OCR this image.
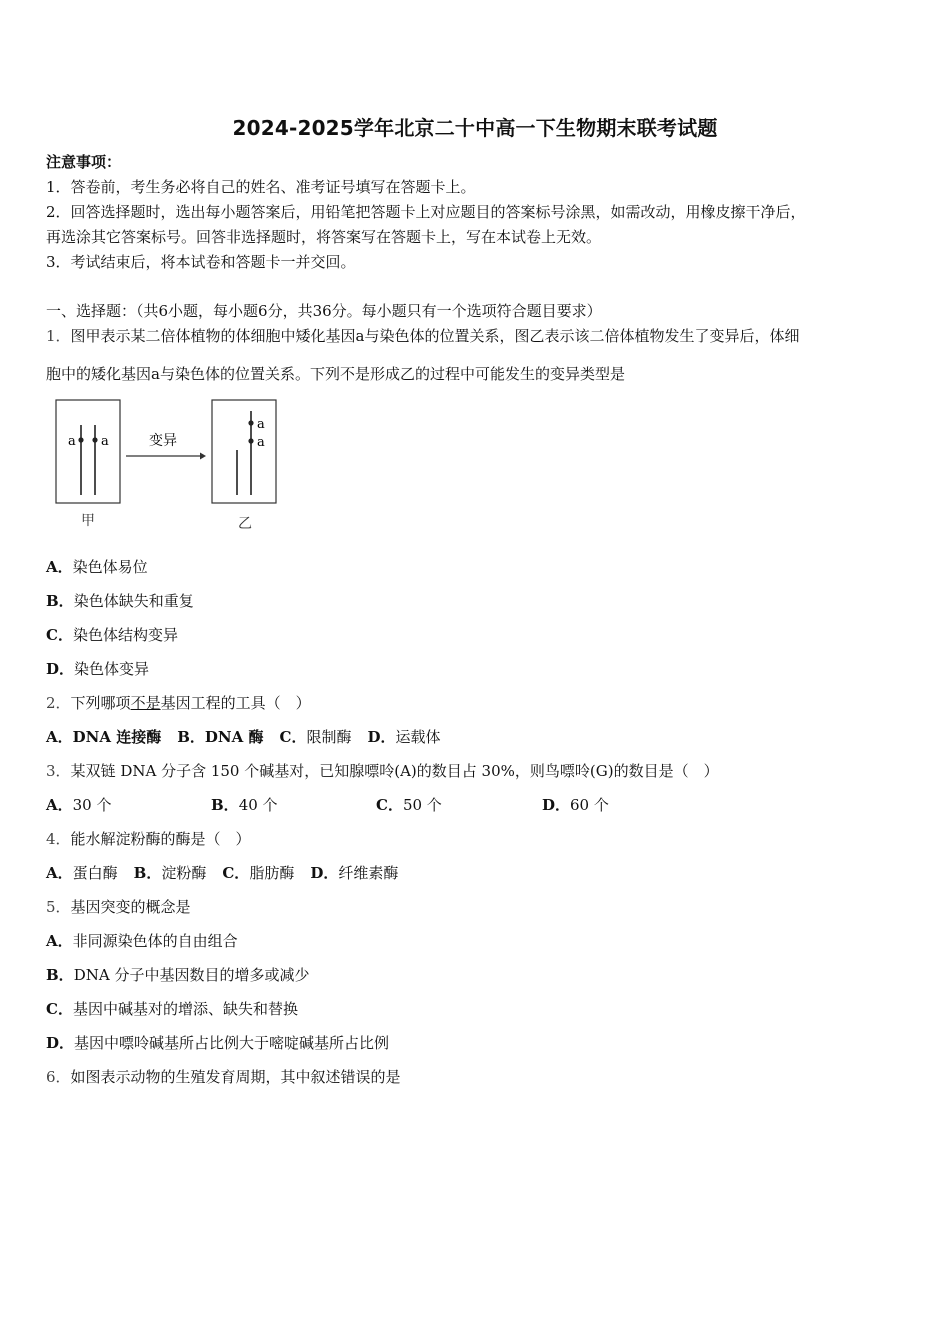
2024-2025学年北京二十中高一下生物期末联考试题
注意事项：
1．答卷前，考生务必将自己的姓名、准考证号填写在答题卡上。
2．回答选择题时，选出每小题答案后，用铅笔把答题卡上对应题目的答案标号涂黑，如需改动，用橡皮擦干净后，
再选涂其它答案标号。回答非选择题时，将答案写在答题卡上，写在本试卷上无效。
3．考试结束后，将本试卷和答题卡一并交回。
一、选择题：（共6小题，每小题6分，共36分。每小题只有一个选项符合题目要求）
1．图甲表示某二倍体植物的体细胞中矮化基因a与染色体的位置关系，图乙表示该二倍体植物发生了变异后，体细
胞中的矮化基因a与染色体的位置关系。下列不是形成乙的过程中可能发生的变异类型是
a a	变异
a
a
甲	乙
A．染色体易位
B．染色体缺失和重复
C．染色体结构变异
D．染色体变异
2．下列哪项不是基因工程的工具（　）
A．DNA 连接酶 B．DNA 酶 C．限制酶 D．运载体
3．某双链 DNA 分子含 150 个碱基对，已知腺嘌呤(A)的数目占 30%，则鸟嘌呤(G)的数目是（　）
A．30 个	B．40 个	C．50 个	D．60 个
4．能水解淀粉酶的酶是（　）
A．蛋白酶 B．淀粉酶 C．脂肪酶 D．纤维素酶
5．基因突变的概念是
A．非同源染色体的自由组合
B．DNA 分子中基因数目的增多或减少
C．基因中碱基对的增添、缺失和替换
D．基因中嘌呤碱基所占比例大于嘧啶碱基所占比例
6．如图表示动物的生殖发育周期，其中叙述错误的是
